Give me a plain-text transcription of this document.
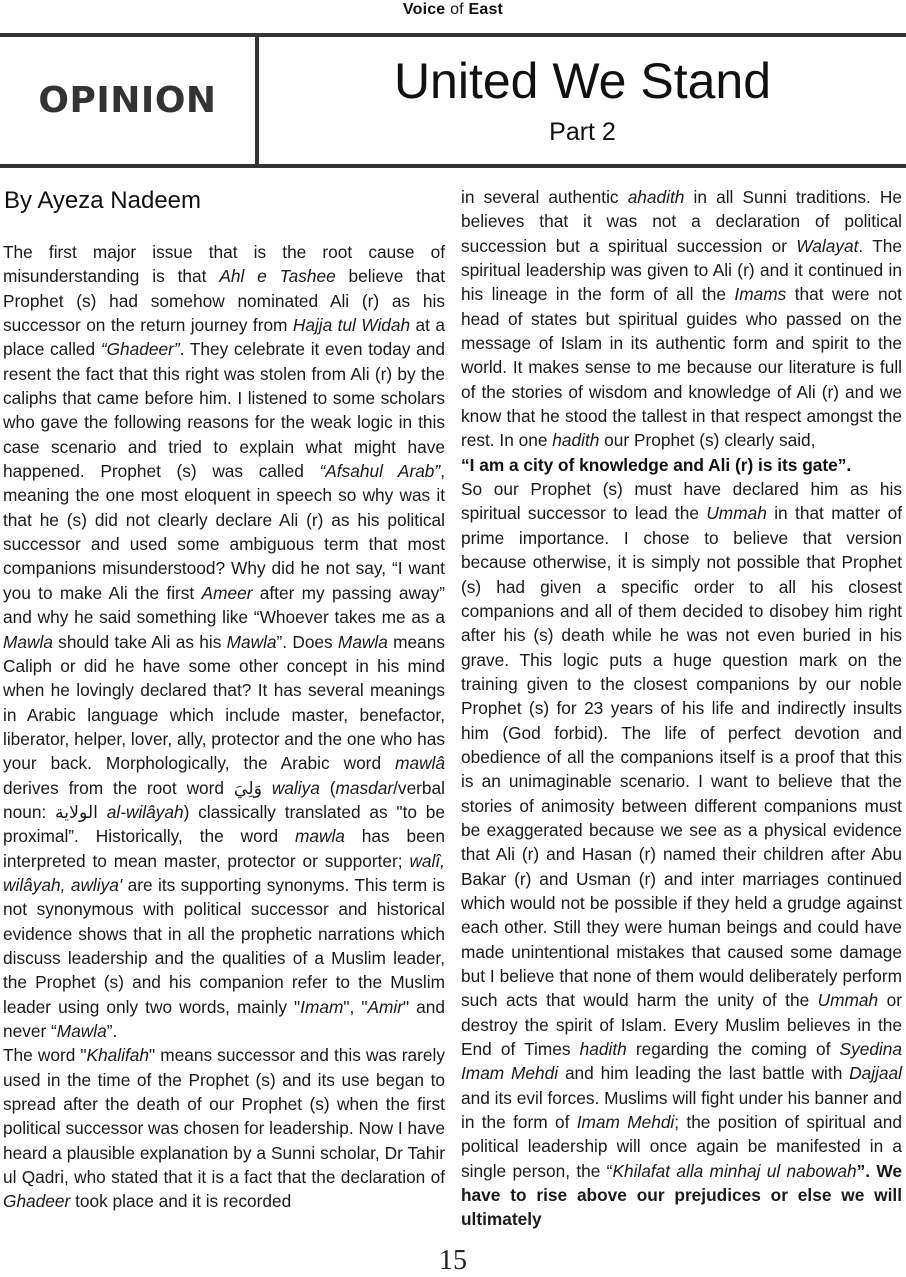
Voice of East
OPINION	United We Stand
Part 2
By Ayeza Nadeem

The first major issue that is the root cause of misunderstanding is that Ahl e Tashee believe that Prophet (s) had somehow nominated Ali (r) as his successor on the return journey from Hajja tul Widah at a place called “Ghadeer”. They celebrate it even today and resent the fact that this right was stolen from Ali (r) by the caliphs that came before him. I listened to some scholars who gave the following reasons for the weak logic in this case scenario and tried to explain what might have happened. Prophet (s) was called “Afsahul Arab”, meaning the one most eloquent in speech so why was it that he (s) did not clearly declare Ali (r) as his political successor and used some ambiguous term that most companions misunderstood? Why did he not say, “I want you to make Ali the first Ameer after my passing away” and why he said something like “Whoever takes me as a Mawla should take Ali as his Mawla”. Does Mawla means Caliph or did he have some other concept in his mind when he lovingly declared that? It has several meanings in Arabic language which include master, benefactor, liberator, helper, lover, ally, protector and the one who has your back. Morphologically, the Arabic word mawlâ derives from the root word وَلِيَ waliya (masdar/verbal noun: الولاية al-wilâyah) classically translated as "to be proximal”. Historically, the word mawla has been interpreted to mean master, protector or supporter; walî, wilâyah, awliya' are its supporting synonyms. This term is not synonymous with political successor and historical evidence shows that in all the prophetic narrations which discuss leadership and the qualities of a Muslim leader, the Prophet (s) and his companion refer to the Muslim leader using only two words, mainly "Imam", "Amir" and never “Mawla”.

The word "Khalifah" means successor and this was rarely used in the time of the Prophet (s) and its use began to spread after the death of our Prophet (s) when the first political successor was chosen for leadership. Now I have heard a plausible explanation by a Sunni scholar, Dr Tahir ul Qadri, who stated that it is a fact that the declaration of Ghadeer took place and it is recorded

in several authentic ahadith in all Sunni traditions. He believes that it was not a declaration of political succession but a spiritual succession or Walayat. The spiritual leadership was given to Ali (r) and it continued in his lineage in the form of all the Imams that were not head of states but spiritual guides who passed on the message of Islam in its authentic form and spirit to the world. It makes sense to me because our literature is full of the stories of wisdom and knowledge of Ali (r) and we know that he stood the tallest in that respect amongst the rest. In one hadith our Prophet (s) clearly said,

“I am a city of knowledge and Ali (r) is its gate”.

So our Prophet (s) must have declared him as his spiritual successor to lead the Ummah in that matter of prime importance. I chose to believe that version because otherwise, it is simply not possible that Prophet (s) had given a specific order to all his closest companions and all of them decided to disobey him right after his (s) death while he was not even buried in his grave. This logic puts a huge question mark on the training given to the closest companions by our noble Prophet (s) for 23 years of his life and indirectly insults him (God forbid). The life of perfect devotion and obedience of all the companions itself is a proof that this is an unimaginable scenario. I want to believe that the stories of animosity between different companions must be exaggerated because we see as a physical evidence that Ali (r) and Hasan (r) named their children after Abu Bakar (r) and Usman (r) and inter marriages continued which would not be possible if they held a grudge against each other. Still they were human beings and could have made unintentional mistakes that caused some damage but I believe that none of them would deliberately perform such acts that would harm the unity of the Ummah or destroy the spirit of Islam. Every Muslim believes in the End of Times hadith regarding the coming of Syedina Imam Mehdi and him leading the last battle with Dajjaal and its evil forces. Muslims will fight under his banner and in the form of Imam Mehdi; the position of spiritual and political leadership will once again be manifested in a single person, the “Khilafat alla minhaj ul nabowah”. We have to rise above our prejudices or else we will ultimately

15
